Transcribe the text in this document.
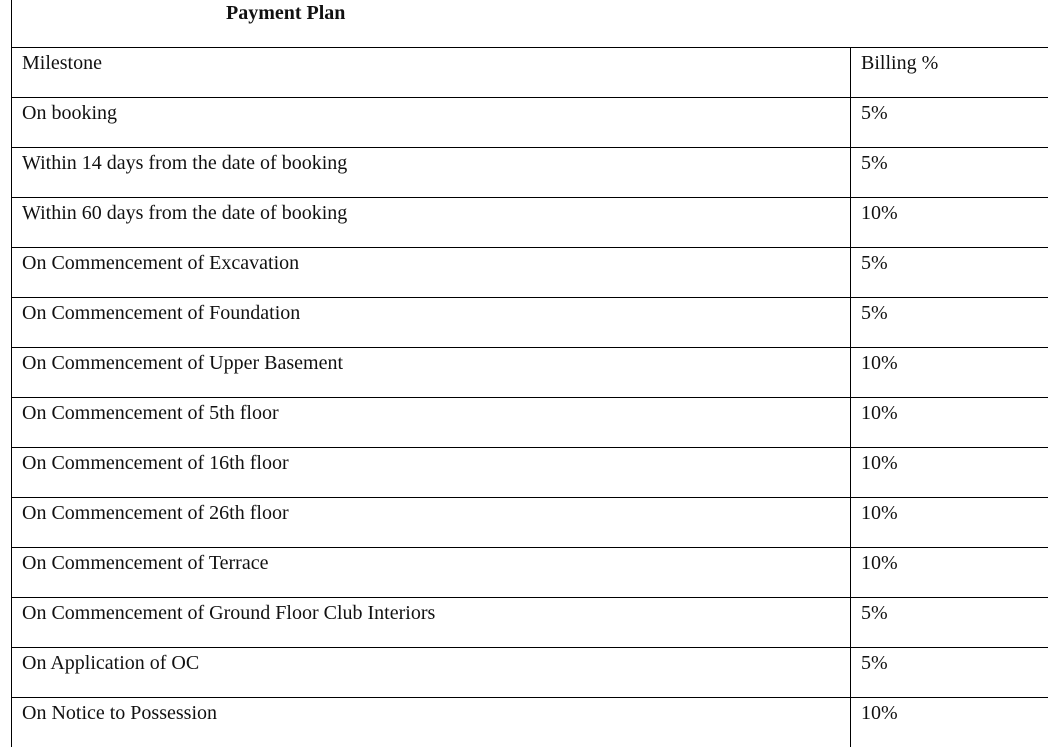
Payment Plan
Milestone	Billing %

On booking	5%

Within 14 days from the date of booking	5%

Within 60 days from the date of booking	10%

On Commencement of Excavation	5%

On Commencement of Foundation	5%

On Commencement of Upper Basement	10%

On Commencement of 5th floor	10%

On Commencement of 16th floor	10%

On Commencement of 26th floor	10%

On Commencement of Terrace	10%

On Commencement of Ground Floor Club Interiors	5%

On Application of OC	5%

On Notice to Possession	10%
